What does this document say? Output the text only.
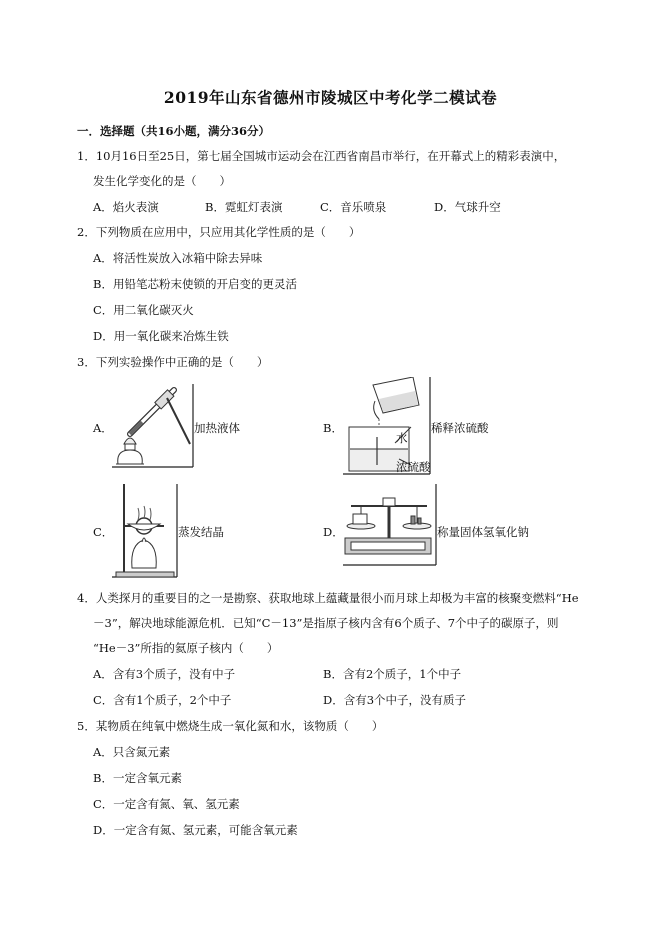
2019年山东省德州市陵城区中考化学二模试卷
一．选择题（共16小题，满分36分）
1．10月16日至25日，第七届全国城市运动会在江西省南昌市举行，在开幕式上的精彩表演中，
发生化学变化的是（　　）
A．焰火表演	B．霓虹灯表演	C．音乐喷泉	D．气球升空
2．下列物质在应用中，只应用其化学性质的是（　　）
A．将活性炭放入冰箱中除去异味
B．用铅笔芯粉末使锁的开启变的更灵活
C．用二氧化碳灭火
D．用一氧化碳来冶炼生铁
3．下列实验操作中正确的是（　　）
A．	加热液体	B．
水
浓硫酸
稀释浓硫酸
C．	蒸发结晶	D．	称量固体氢氧化钠
4．人类探月的重要目的之一是勘察、获取地球上蕴藏量很小而月球上却极为丰富的核聚变燃料“He
－3”，解决地球能源危机．已知“C－13”是指原子核内含有6个质子、7个中子的碳原子，则
“He－3”所指的氦原子核内（　　）
A．含有3个质子，没有中子	B．含有2个质子，1个中子
C．含有1个质子，2个中子	D．含有3个中子，没有质子
5．某物质在纯氧中燃烧生成一氧化氮和水，该物质（　　）
A．只含氮元素
B．一定含氧元素
C．一定含有氮、氧、氢元素
D．一定含有氮、氢元素，可能含氧元素
